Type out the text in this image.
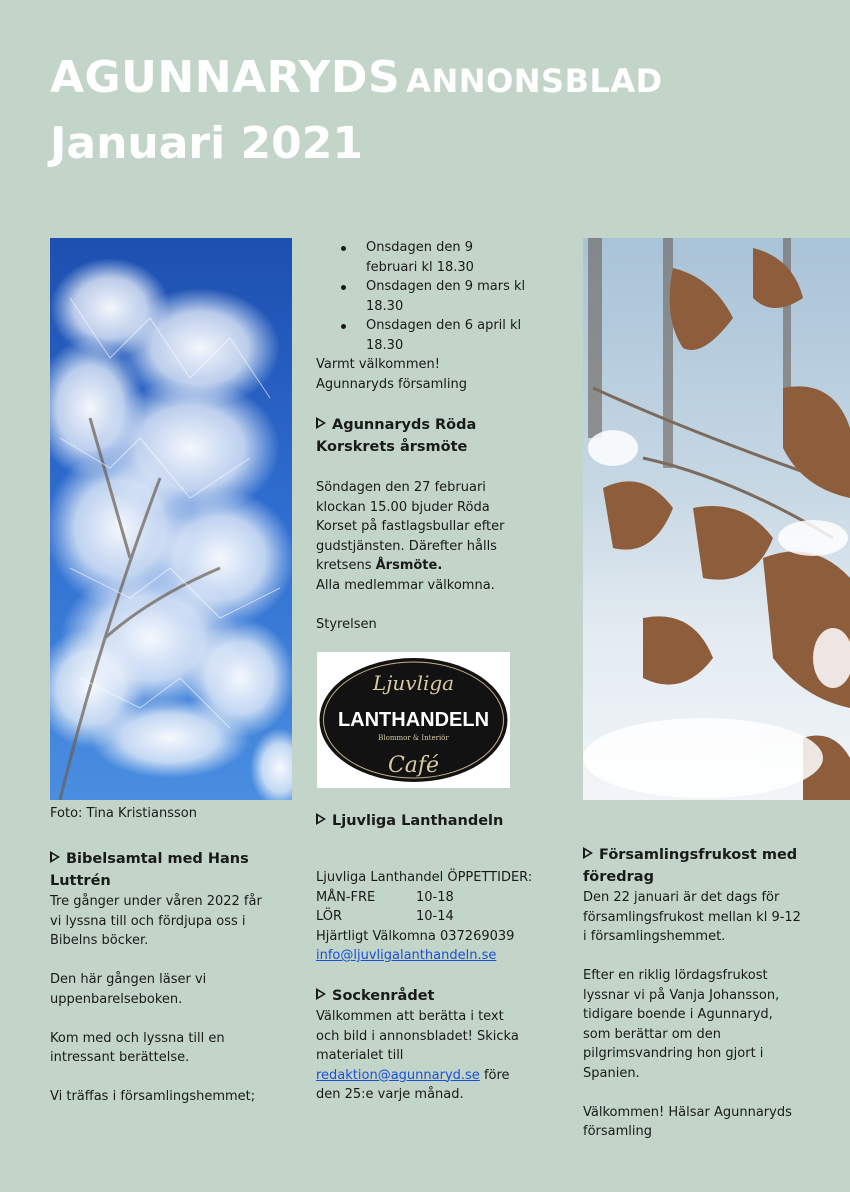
AGUNNARYDS ANNONSBLAD
Januari 2021
Foto: Tina Kristiansson
Bibelsamtal med Hans Luttrén
Tre gånger under våren 2022 får vi lyssna till och fördjupa oss i Bibelns böcker.
Den här gången läser vi uppenbarelseboken.
Kom med och lyssna till en intressant berättelse.
Vi träffas i församlingshemmet;
Onsdagen den 9 februari kl 18.30
Onsdagen den 9 mars kl 18.30
Onsdagen den 6 april kl 18.30
Varmt välkommen!
Agunnaryds församling
Agunnaryds Röda Korskrets årsmöte
Söndagen den 27 februari klockan 15.00 bjuder Röda Korset på fastlagsbullar efter gudstjänsten. Därefter hålls kretsens Årsmöte.
Alla medlemmar välkomna.
Styrelsen
Ljuvliga
LANTHANDELN
Blommor & Interiör
Café
Ljuvliga Lanthandeln
Ljuvliga Lanthandel ÖPPETTIDER:
MÅN-FRE	10-18
LÖR	10-14
Hjärtligt Välkomna 037269039
info@ljuvligalanthandeln.se
Sockenrådet
Välkommen att berätta i text och bild i annonsbladet! Skicka materialet till redaktion@agunnaryd.se före den 25:e varje månad.
Församlingsfrukost med föredrag
Den 22 januari är det dags för församlingsfrukost mellan kl 9-12 i församlingshemmet.
Efter en riklig lördagsfrukost lyssnar vi på Vanja Johansson, tidigare boende i Agunnaryd, som berättar om den pilgrimsvandring hon gjort i Spanien.
Välkommen! Hälsar Agunnaryds församling
